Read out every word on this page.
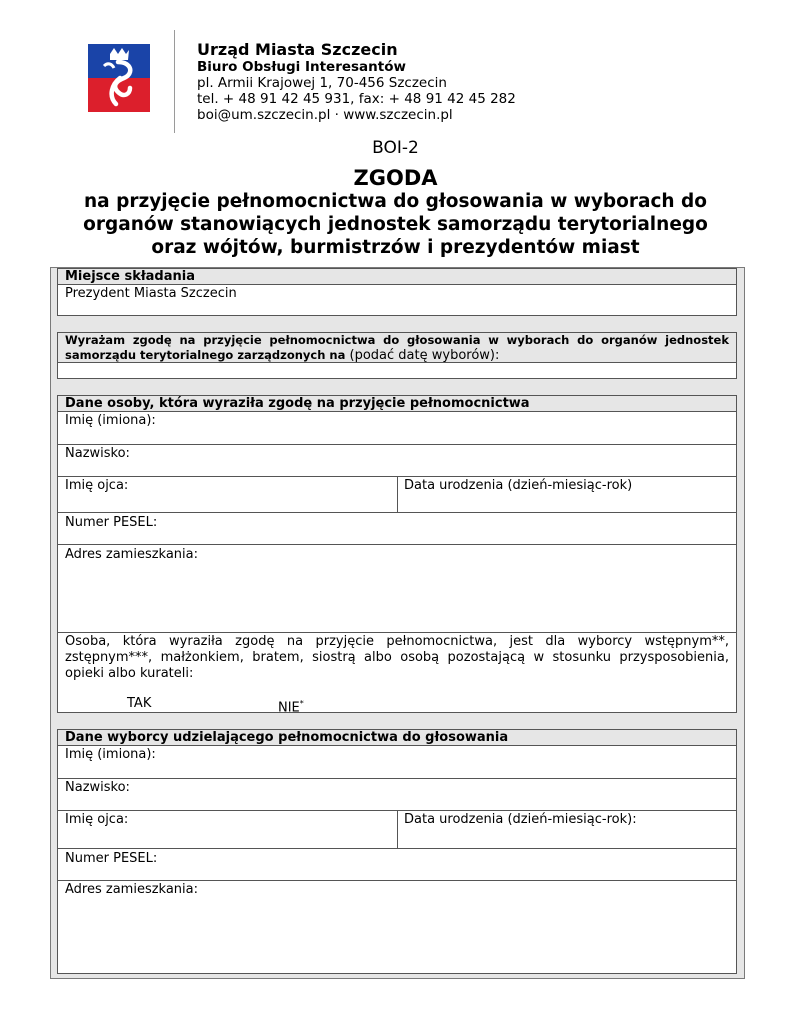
Urząd Miasta Szczecin
Biuro Obsługi Interesantów
pl. Armii Krajowej 1, 70-456 Szczecin
tel. + 48 91 42 45 931, fax: + 48 91 42 45 282
boi@um.szczecin.pl · www.szczecin.pl
BOI-2
ZGODA
na przyjęcie pełnomocnictwa do głosowania w wyborach do
organów stanowiących jednostek samorządu terytorialnego
oraz wójtów, burmistrzów i prezydentów miast
Miejsce składania
Prezydent Miasta Szczecin
Wyrażam zgodę na przyjęcie pełnomocnictwa do głosowania w wyborach do organów jednostek samorządu terytorialnego zarządzonych na (podać datę wyborów):
Dane osoby, która wyraziła zgodę na przyjęcie pełnomocnictwa
Imię (imiona):
Nazwisko:
Imię ojca:	Data urodzenia (dzień-miesiąc-rok)
Numer PESEL:
Adres zamieszkania:
Osoba, która wyraziła zgodę na przyjęcie pełnomocnictwa, jest dla wyborcy wstępnym**, zstępnym***, małżonkiem, bratem, siostrą albo osobą pozostającą w stosunku przysposobienia, opieki albo kurateli:
TAK	NIE*
Dane wyborcy udzielającego pełnomocnictwa do głosowania
Imię (imiona):
Nazwisko:
Imię ojca:	Data urodzenia (dzień-miesiąc-rok):
Numer PESEL:
Adres zamieszkania:
